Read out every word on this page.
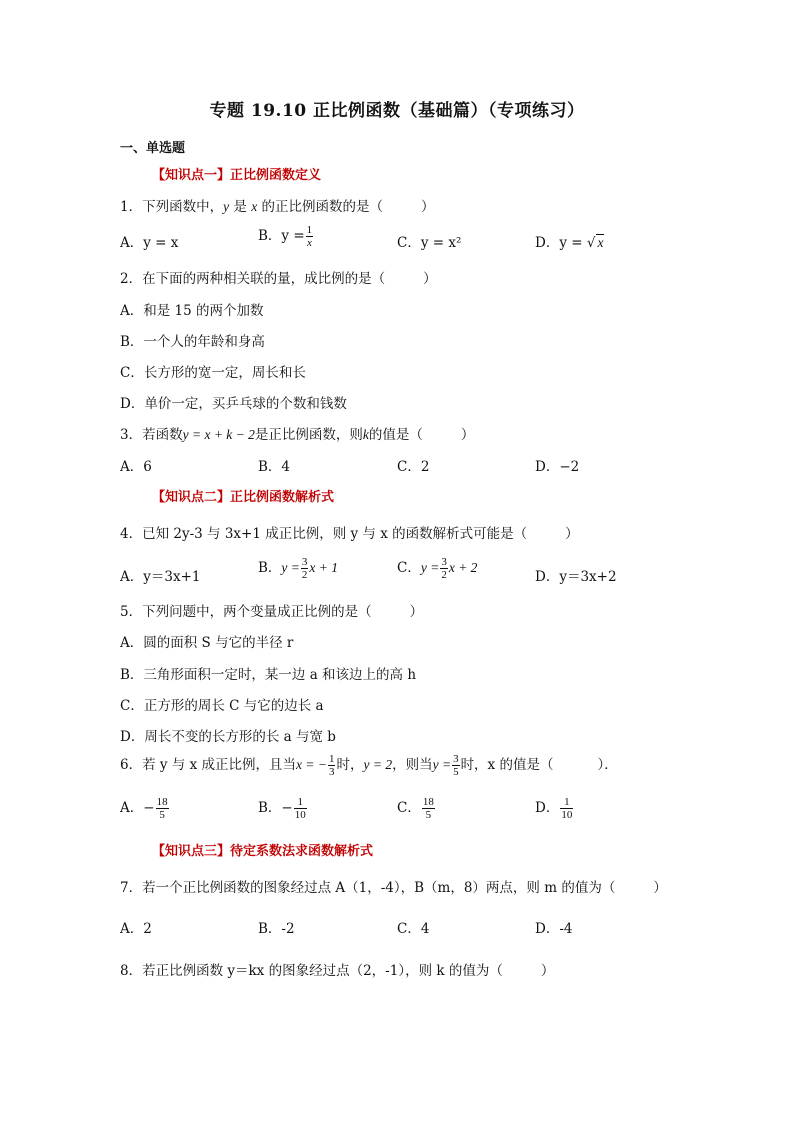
专题 19.10 正比例函数（基础篇）（专项练习）
一、单选题
【知识点一】正比例函数定义
1．下列函数中，y 是 x 的正比例函数的是（	）
A．y = x	B．$y = \frac{1}{x}$	C．y = x²	D．y = √ x
2．在下面的两种相关联的量，成比例的是（	）
A．和是 15 的两个加数
B．一个人的年龄和身高
C．长方形的宽一定，周长和长
D．单价一定，买乒乓球的个数和钱数
3．若函数y = x + k − 2是正比例函数，则k的值是（	）
A．6	B．4	C．2	D．−2
【知识点二】正比例函数解析式
4．已知 2y-3 与 3x+1 成正比例，则 y 与 x 的函数解析式可能是（	）
A．y＝3x+1
B．$y = \frac{3}{2}$ x + 1	C．$y = \frac{3}{2}$ x + 2
D．y＝3x+2
5．下列问题中，两个变量成正比例的是（	）
A．圆的面积 S 与它的半径 r
B．三角形面积一定时，某一边 a 和该边上的高 h
C．正方形的周长 C 与它的边长 a
D．周长不变的长方形的长 a 与宽 b
6．若 y 与 x 成正比例，且当x = − $\frac{1}{3}$ 时，y = 2，则当$y = \frac{3}{5}$ 时，x 的值是（	）．
A．− $\frac{18}{5}$	B．− $\frac{1}{10}$	C． $\frac{18}{5}$	D． $\frac{1}{10}$
【知识点三】待定系数法求函数解析式
7．若一个正比例函数的图象经过点 A（1，-4），B（m，8）两点，则 m 的值为（	）
A．2	B．-2	C．4	D．-4
8．若正比例函数 y＝kx 的图象经过点（2，-1），则 k 的值为（	）
